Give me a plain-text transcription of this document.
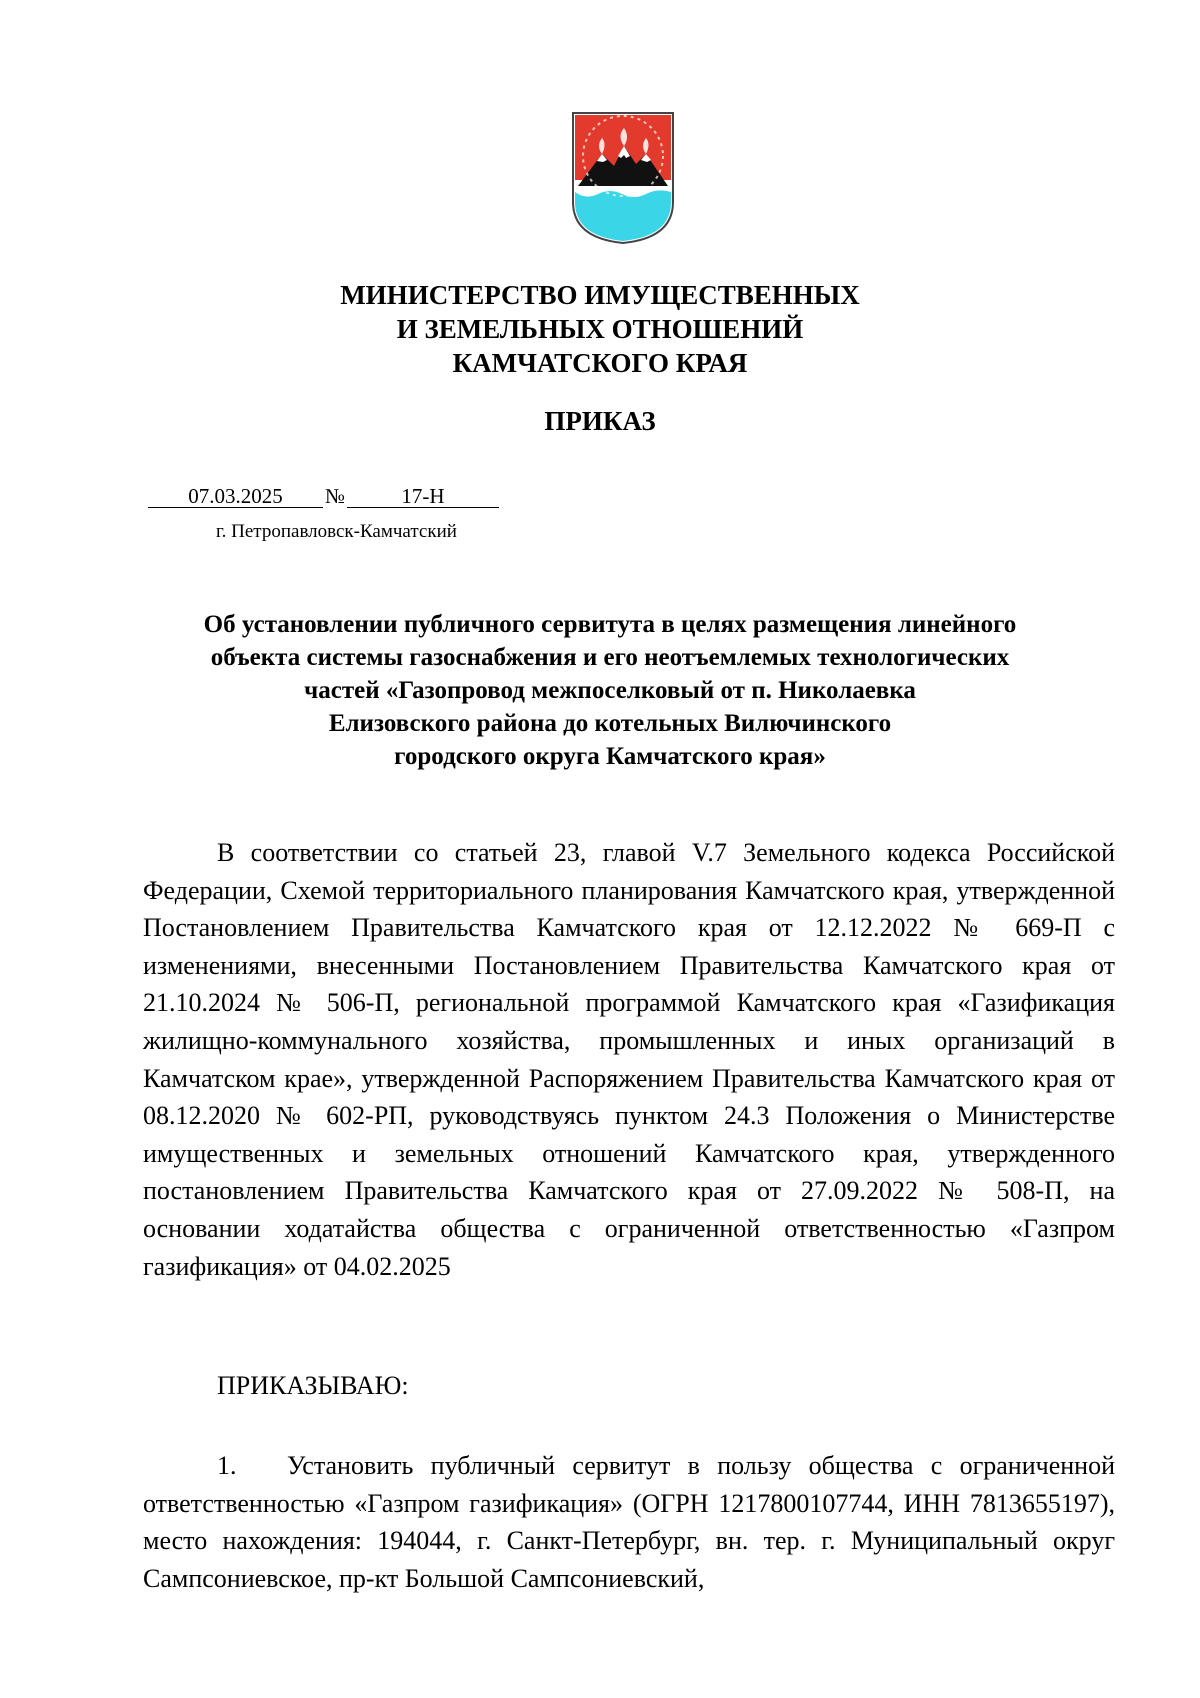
МИНИСТЕРСТВО ИМУЩЕСТВЕННЫХ
И ЗЕМЕЛЬНЫХ ОТНОШЕНИЙ
КАМЧАТСКОГО КРАЯ
ПРИКАЗ
07.03.2025 №	17-Н
г. Петропавловск-Камчатский
Об установлении публичного сервитута в целях размещения линейного
объекта системы газоснабжения и его неотъемлемых технологических
частей «Газопровод межпоселковый от п. Николаевка
Елизовского района до котельных Вилючинского
городского округа Камчатского края»
В соответствии со статьей 23, главой V.7 Земельного кодекса Российской Федерации, Схемой территориального планирования Камчатского края, утвержденной Постановлением Правительства Камчатского края от 12.12.2022 № 669-П с изменениями, внесенными Постановлением Правительства Камчатского края от 21.10.2024 № 506-П, региональной программой Камчатского края «Газификация жилищно-коммунального хозяйства, промышленных и иных организаций в Камчатском крае», утвержденной Распоряжением Правительства Камчатского края от 08.12.2020 № 602-РП, руководствуясь пунктом 24.3 Положения о Министерстве имущественных и земельных отношений Камчатского края, утвержденного постановлением Правительства Камчатского края от 27.09.2022 № 508-П, на основании ходатайства общества с ограниченной ответственностью «Газпром газификация» от 04.02.2025
ПРИКАЗЫВАЮ:
1. Установить публичный сервитут в пользу общества с ограниченной ответственностью «Газпром газификация» (ОГРН 1217800107744, ИНН 7813655197), место нахождения: 194044, г. Санкт-Петербург, вн. тер. г. Муниципальный округ Сампсониевское, пр-кт Большой Сампсониевский,
